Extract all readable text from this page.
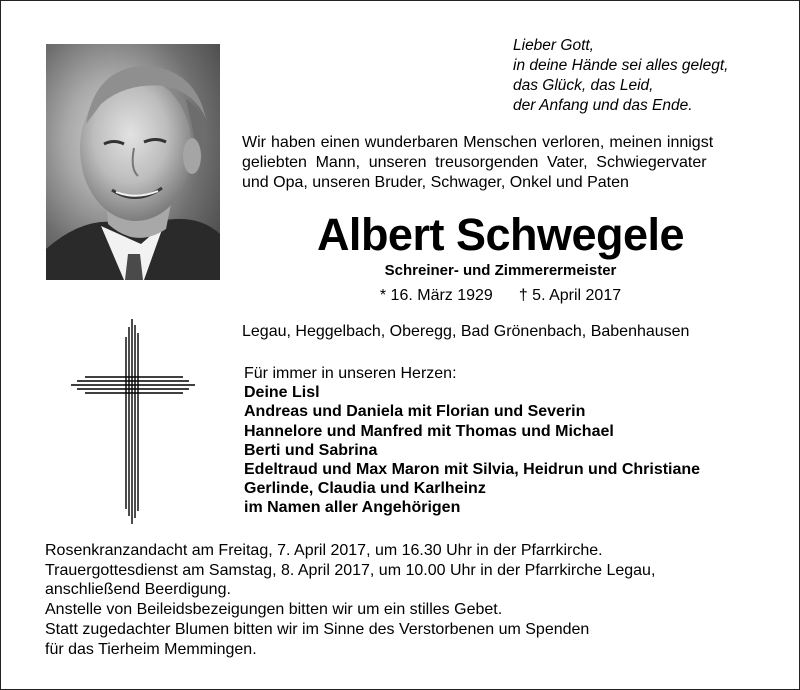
Lieber Gott,
in deine Hände sei alles gelegt,
das Glück, das Leid,
der Anfang und das Ende.
Wir haben einen wunderbaren Menschen verloren, meinen innigst
geliebten Mann, unseren treusorgenden Vater, Schwiegervater
und Opa, unseren Bruder, Schwager, Onkel und Paten
Albert Schwegele
Schreiner- und Zimmerermeister
* 16. März 1929 † 5. April 2017
Legau, Heggelbach, Oberegg, Bad Grönenbach, Babenhausen
Für immer in unseren Herzen:
Deine Lisl
Andreas und Daniela mit Florian und Severin
Hannelore und Manfred mit Thomas und Michael
Berti und Sabrina
Edeltraud und Max Maron mit Silvia, Heidrun und Christiane
Gerlinde, Claudia und Karlheinz
im Namen aller Angehörigen
Rosenkranzandacht am Freitag, 7. April 2017, um 16.30 Uhr in der Pfarrkirche.
Trauergottesdienst am Samstag, 8. April 2017, um 10.00 Uhr in der Pfarrkirche Legau,
anschließend Beerdigung.
Anstelle von Beileidsbezeigungen bitten wir um ein stilles Gebet.
Statt zugedachter Blumen bitten wir im Sinne des Verstorbenen um Spenden
für das Tierheim Memmingen.
